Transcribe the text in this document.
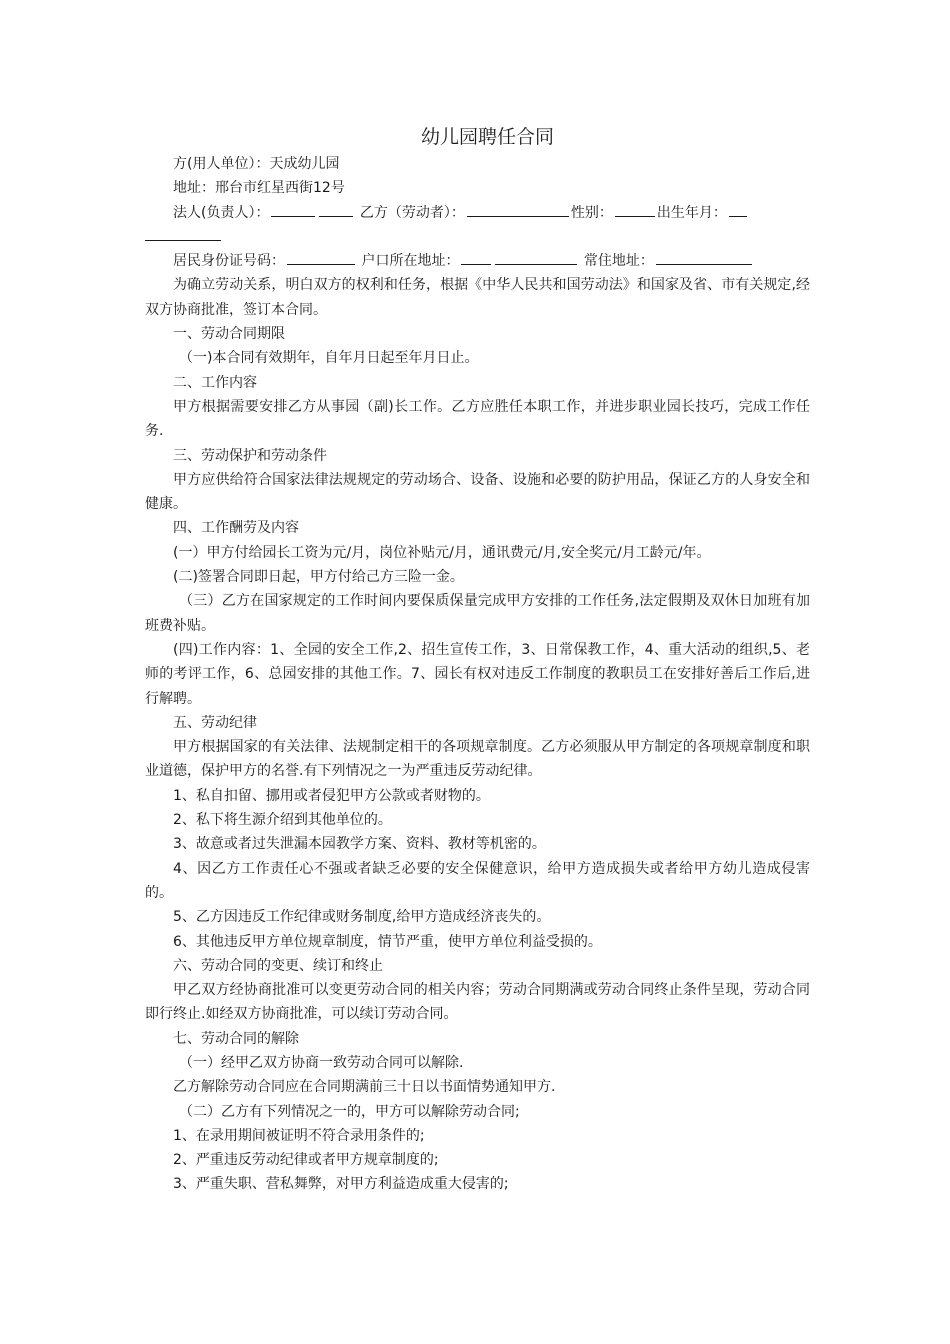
幼儿园聘任合同
方(用人单位）：天成幼儿园
地址：邢台市红星西街12号
法人(负责人）：	乙方（劳动者）：	性别：	出生年月：
居民身份证号码：	户口所在地址：	常住地址：

为确立劳动关系，明白双方的权利和任务，根据《中华人民共和国劳动法》和国家及省、市有关规定,经双方协商批准，签订本合同。

一、劳动合同期限
（一)本合同有效期年，自年月日起至年月日止。
二、工作内容

甲方根据需要安排乙方从事园（副)长工作。乙方应胜任本职工作，并进步职业园长技巧，完成工作任务.

三、劳动保护和劳动条件

甲方应供给符合国家法律法规规定的劳动场合、设备、设施和必要的防护用品，保证乙方的人身安全和健康。

四、工作酬劳及内容
(一）甲方付给园长工资为元/月，岗位补贴元/月，通讯费元/月,安全奖元/月工龄元/年。
(二)签署合同即日起，甲方付给己方三险一金。

（三）乙方在国家规定的工作时间内要保质保量完成甲方安排的工作任务,法定假期及双休日加班有加班费补贴。

(四)工作内容：1、全园的安全工作,2、招生宣传工作，3、日常保教工作，4、重大活动的组织,5、老师的考评工作，6、总园安排的其他工作。7、园长有权对违反工作制度的教职员工在安排好善后工作后,进行解聘。

五、劳动纪律

甲方根据国家的有关法律、法规制定相干的各项规章制度。乙方必须服从甲方制定的各项规章制度和职业道德，保护甲方的名誉.有下列情况之一为严重违反劳动纪律。

1、私自扣留、挪用或者侵犯甲方公款或者财物的。
2、私下将生源介绍到其他单位的。
3、故意或者过失泄漏本园教学方案、资料、教材等机密的。

4、因乙方工作责任心不强或者缺乏必要的安全保健意识，给甲方造成损失或者给甲方幼儿造成侵害的。

5、乙方因违反工作纪律或财务制度,给甲方造成经济丧失的。
6、其他违反甲方单位规章制度，情节严重，使甲方单位利益受损的。
六、劳动合同的变更、续订和终止

甲乙双方经协商批准可以变更劳动合同的相关内容；劳动合同期满或劳动合同终止条件呈现，劳动合同即行终止.如经双方协商批准，可以续订劳动合同。

七、劳动合同的解除
（一）经甲乙双方协商一致劳动合同可以解除.
乙方解除劳动合同应在合同期满前三十日以书面情势通知甲方.
（二）乙方有下列情况之一的，甲方可以解除劳动合同;
1、在录用期间被证明不符合录用条件的;
2、严重违反劳动纪律或者甲方规章制度的;
3、严重失职、营私舞弊，对甲方利益造成重大侵害的;
